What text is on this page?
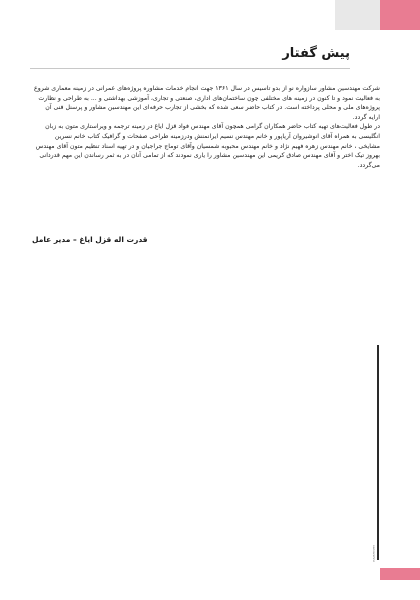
پیش گفتار

شرکت مهندسین مشاور سازواره نو از بدو تاسیس در سال ۱۳۶۱ جهت انجام خدمات مشاوره پروژه‌های عمرانی در زمینه معماری شروع به فعالیت نمود و تا کنون در زمینه های مختلفی چون ساختمان‌های اداری، صنعتی و تجاری، آموزشی بهداشتی و ... به طراحی و نظارت پروژه‌های ملی و محلی پرداخته است. در کتاب حاضر سعی شده که بخشی از تجارب حرفه‌ای این مهندسین مشاور و پرسنل فنی آن ارایه گردد.

در طول فعالیت‌های تهیه کتاب حاضر همکاران گرامی همچون آقای مهندس فواد قزل ایاغ در زمینه ترجمه و ویراستاری متون به زبان انگلیسی به همراه آقای انوشیروان آریاپور و خانم مهندس نسیم ایرانمنش ودرزمینه طراحی صفحات و گرافیک کتاب خانم نسرین مشایخی ، خانم مهندس زهره فهیم نژاد و خانم مهندس محبوبه شمسیان وآقای توماج جراجیان و در تهیه اسناد تنظیم متون آقای مهندس بهروز تیک اختر و آقای مهندس صادق کریمی این مهندسین مشاور را یاری نمودند که از تمامی آنان در به ثمر رساندن این مهم قدردانی می‌گردد.

قدرت اله قزل ایاغ – مدیر عامل
sazvarehno
